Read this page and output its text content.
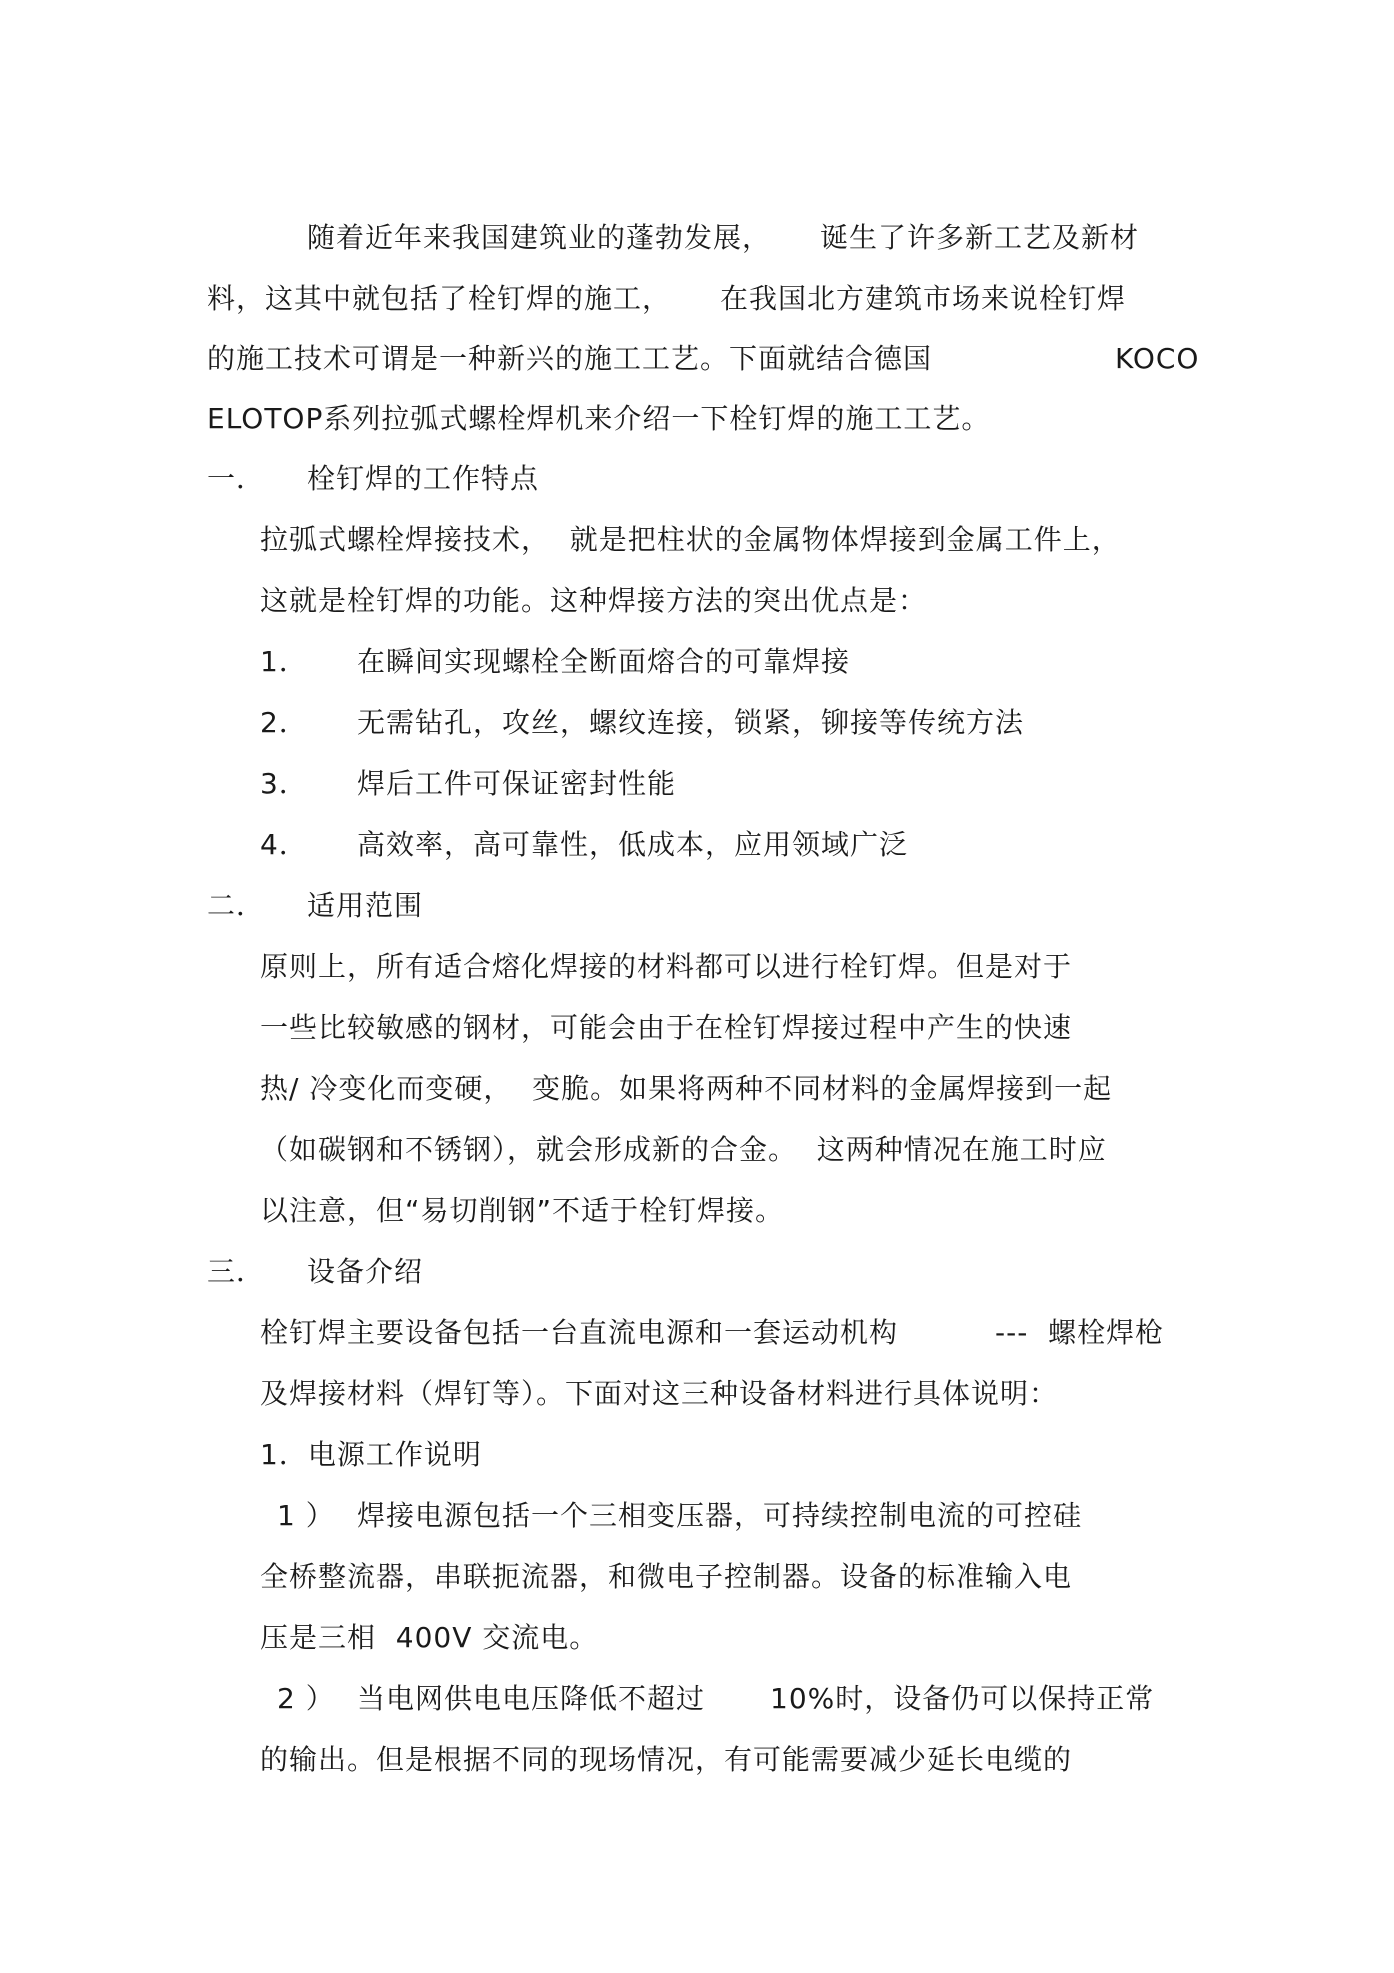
随着近年来我国建筑业的蓬勃发展， 诞生了许多新工艺及新材
料，这其中就包括了栓钉焊的施工， 在我国北方建筑市场来说栓钉焊
的施工技术可谓是一种新兴的施工工艺。下面就结合德国	KOCO
ELOTOP系列拉弧式螺栓焊机来介绍一下栓钉焊的施工工艺。
一． 栓钉焊的工作特点
拉弧式螺栓焊接技术，  就是把柱状的金属物体焊接到金属工件上，
这就是栓钉焊的功能。这种焊接方法的突出优点是：
1． 在瞬间实现螺栓全断面熔合的可靠焊接
2． 无需钻孔，攻丝，螺纹连接，锁紧，铆接等传统方法
3． 焊后工件可保证密封性能
4． 高效率，高可靠性，低成本，应用领域广泛
二． 适用范围
原则上，所有适合熔化焊接的材料都可以进行栓钉焊。但是对于
一些比较敏感的钢材，可能会由于在栓钉焊接过程中产生的快速
热/ 冷变化而变硬，  变脆。如果将两种不同材料的金属焊接到一起
（如碳钢和不锈钢），就会形成新的合金。  这两种情况在施工时应
以注意，但“易切削钢”不适于栓钉焊接。
三． 设备介绍
栓钉焊主要设备包括一台直流电源和一套运动机构	---  螺栓焊枪
及焊接材料（焊钉等）。下面对这三种设备材料进行具体说明：
1．电源工作说明
1 ） 焊接电源包括一个三相变压器，可持续控制电流的可控硅
全桥整流器，串联扼流器，和微电子控制器。设备的标准输入电
压是三相  400V 交流电。
2 ） 当电网供电电压降低不超过 10%时，设备仍可以保持正常
的输出。但是根据不同的现场情况，有可能需要减少延长电缆的
